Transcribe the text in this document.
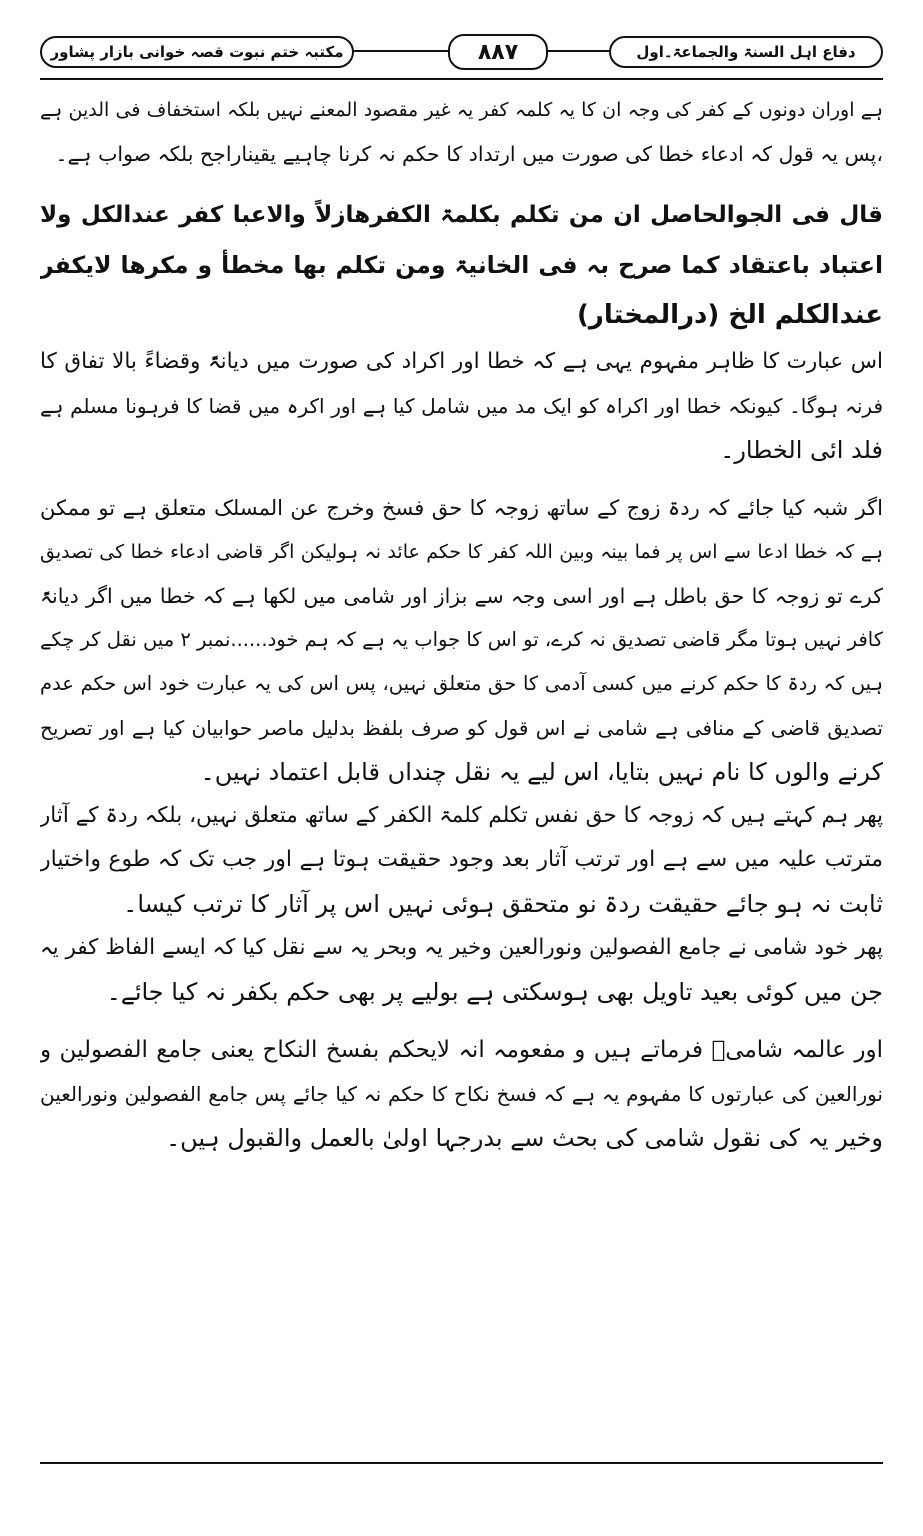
دفاع اہل السنۃ والجماعۃ۔اول
۸۸۷
مکتبہ ختم نبوت قصہ خوانی بازار پشاور
ہے اوران دونوں کے کفر کی وجہ ان کا یہ کلمہ کفر یہ غیر مقصود المعنے نہیں بلکہ استخفاف فی الدین ہے
،پس یہ قول کہ ادعاء خطا کی صورت میں ارتداد کا حکم نہ کرنا چاہیے یقیناراجح بلکہ صواب ہے۔
قال فی الجوالحاصل ان من تکلم بکلمۃ الکفرھازلاً والاعبا کفر عندالکل ولا
اعتباد باعتقاد کما صرح بہ فی الخانیۃ ومن تکلم بھا مخطأ و مکرھا لایکفر
عندالکلم الخ (درالمختار)
اس عبارت کا ظاہر مفہوم یہی ہے کہ خطا اور اکراد کی صورت میں دیانۃً وقضاءً بالا تفاق کا
فرنہ ہوگا۔ کیونکہ خطا اور اکراہ کو ایک مد میں شامل کیا ہے اور اکرہ میں قضا کا فرہونا مسلم ہے
فلد ائی الخطار۔
اگر شبہ کیا جائے کہ ردۃ زوج کے ساتھ زوجہ کا حق فسخ وخرج عن المسلک متعلق ہے تو ممکن
ہے کہ خطا ادعا سے اس پر فما بینہ وبین اللہ کفر کا حکم عائد نہ ہولیکن اگر قاضی ادعاء خطا کی تصدیق
کرے تو زوجہ کا حق باطل ہے اور اسی وجہ سے بزاز اور شامی میں لکھا ہے کہ خطا میں اگر دیانۃً
کافر نہیں ہوتا مگر قاضی تصدیق نہ کرے، تو اس کا جواب یہ ہے کہ ہم خود......نمبر ۲ میں نقل کر چکے
ہیں کہ ردۃ کا حکم کرنے میں کسی آدمی کا حق متعلق نہیں، پس اس کی یہ عبارت خود اس حکم عدم
تصدیق قاضی کے منافی ہے شامی نے اس قول کو صرف بلفظ بدلیل ماصر حوابیان کیا ہے اور تصریح
کرنے والوں کا نام نہیں بتایا، اس لیے یہ نقل چنداں قابل اعتماد نہیں۔
پھر ہم کہتے ہیں کہ زوجہ کا حق نفس تکلم کلمۃ الکفر کے ساتھ متعلق نہیں، بلکہ ردۃ کے آثار
مترتب علیہ میں سے ہے اور ترتب آثار بعد وجود حقیقت ہوتا ہے اور جب تک کہ طوع واختیار
ثابت نہ ہو جائے حقیقت ردۃ نو متحقق ہوئی نہیں اس پر آثار کا ترتب کیسا۔
پھر خود شامی نے جامع الفصولین ونورالعین وخیر یہ وبحر یہ سے نقل کیا کہ ایسے الفاظ کفر یہ
جن میں کوئی بعید تاویل بھی ہوسکتی ہے بولیے پر بھی حکم بکفر نہ کیا جائے۔
اور عالمہ شامیؒ فرماتے ہیں و مفعومہ انہ لایحکم بفسخ النکاح یعنی جامع الفصولین و
نورالعین کی عبارتوں کا مفہوم یہ ہے کہ فسخ نکاح کا حکم نہ کیا جائے پس جامع الفصولین ونورالعین
وخیر یہ کی نقول شامی کی بحث سے بدرجہا اولیٰ بالعمل والقبول ہیں۔
